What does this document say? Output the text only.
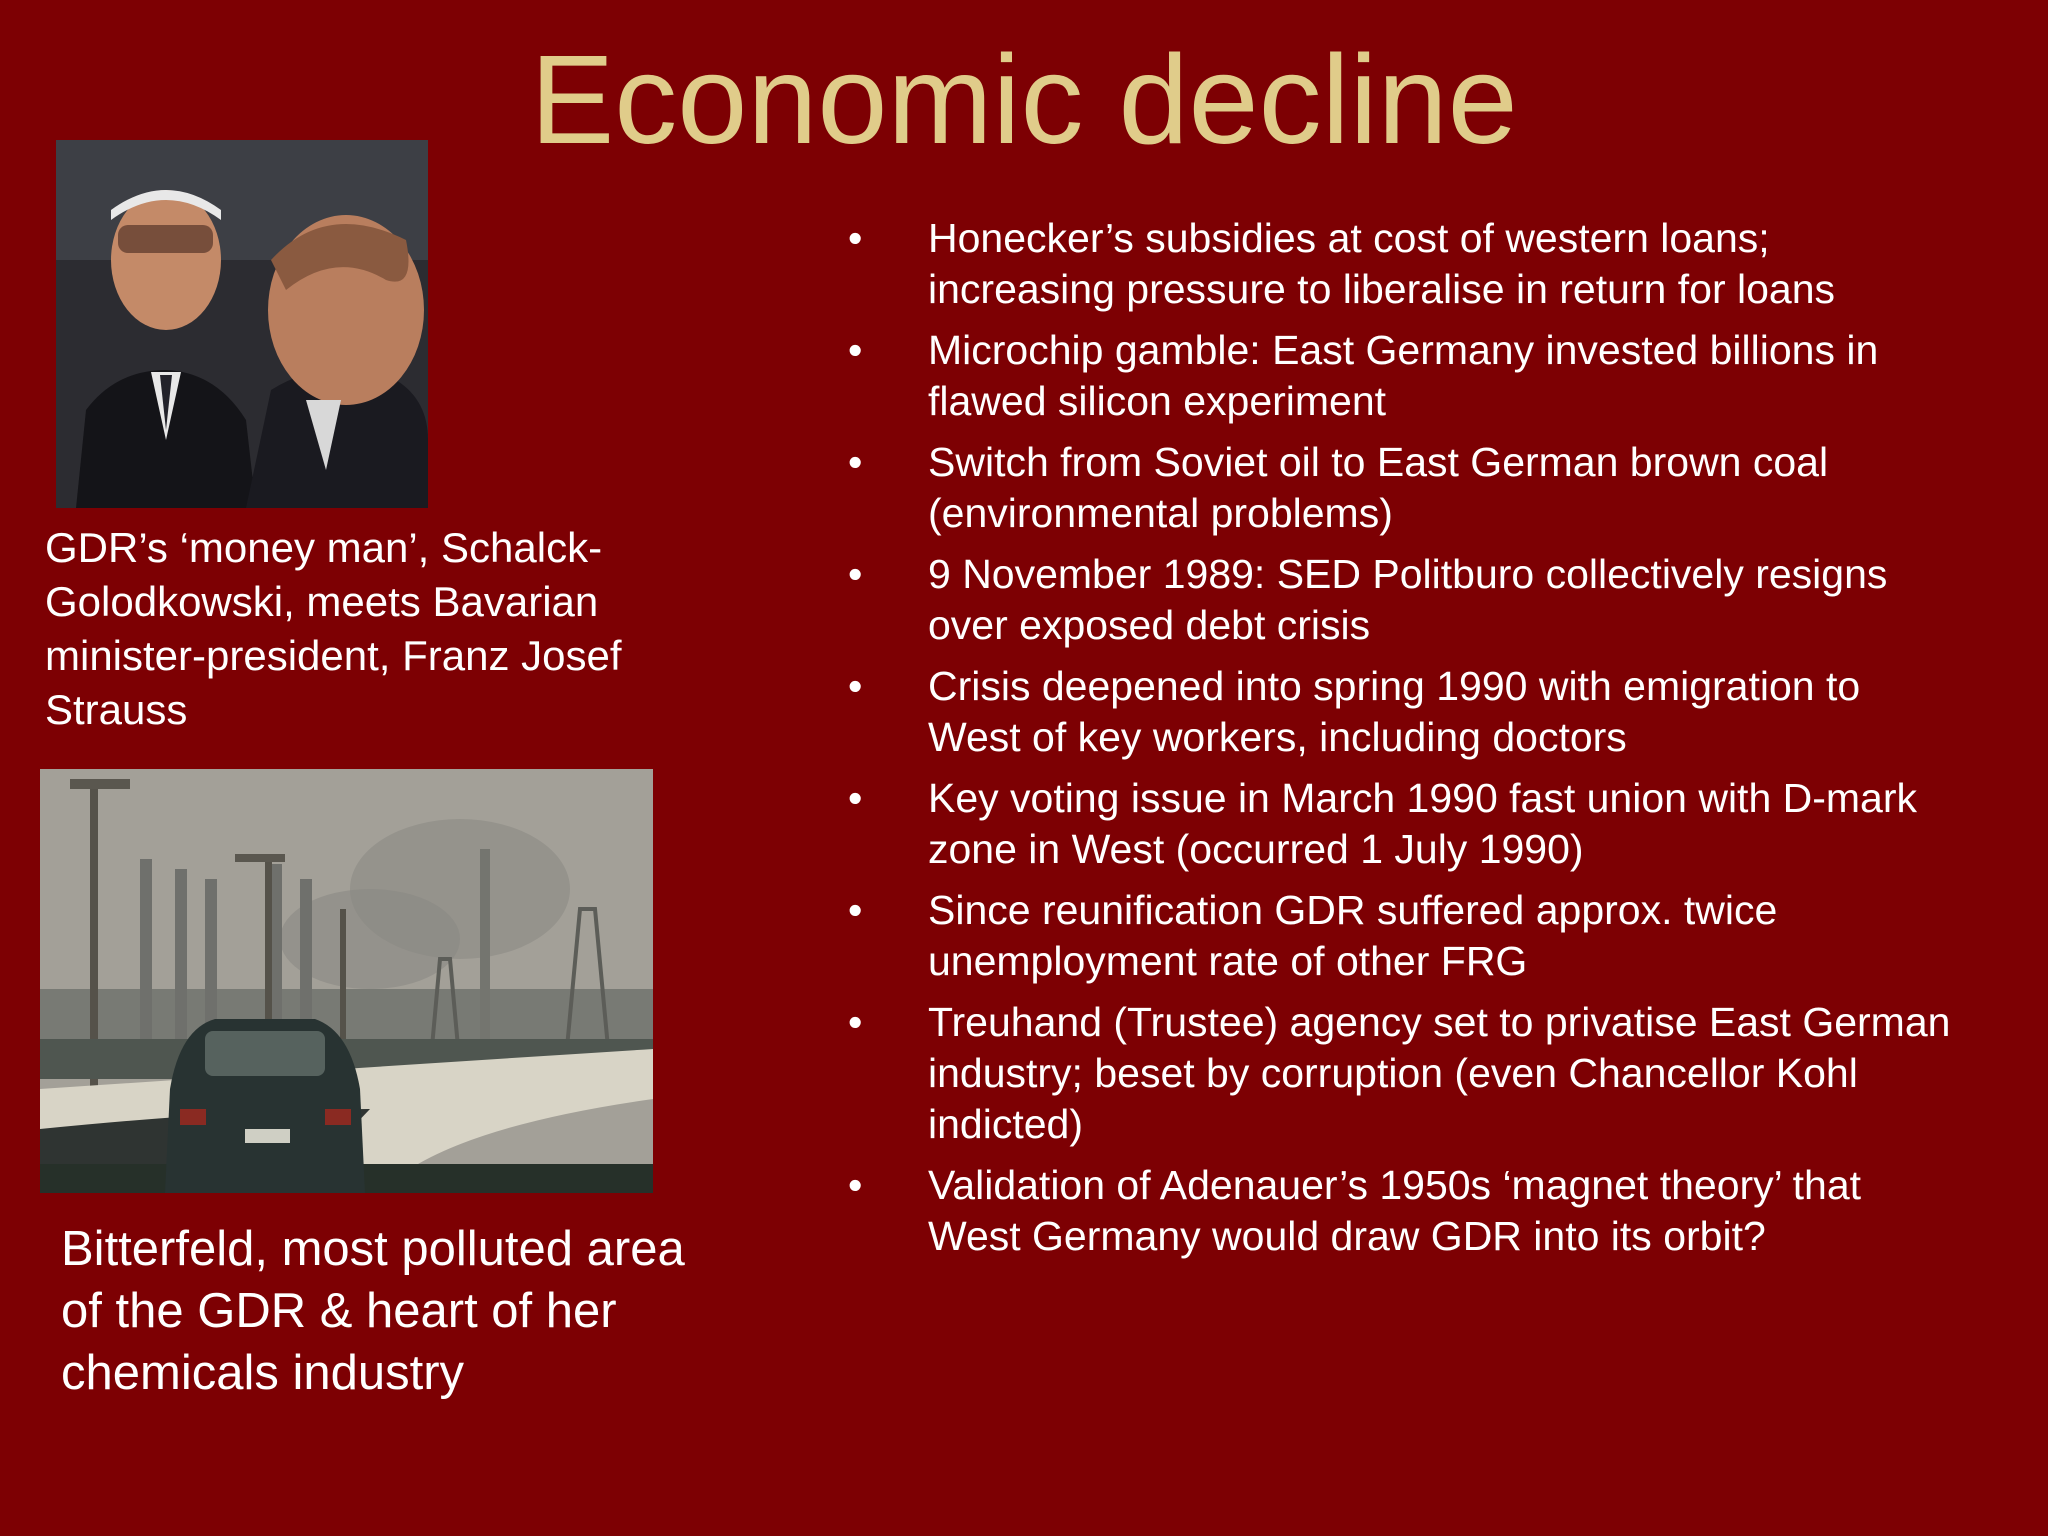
Economic decline

GDR’s ‘money man’, Schalck-Golodkowski, meets Bavarian minister-president, Franz Josef Strauss

Bitterfeld, most polluted area of the GDR & heart of her chemicals industry

• Honecker’s subsidies at cost of western loans; increasing pressure to liberalise in return for loans
• Microchip gamble: East Germany invested billions in flawed silicon experiment
• Switch from Soviet oil to East German brown coal (environmental problems)
• 9 November 1989: SED Politburo collectively resigns over exposed debt crisis
• Crisis deepened into spring 1990 with emigration to West of key workers, including doctors
• Key voting issue in March 1990 fast union with D-mark zone in West (occurred 1 July 1990)
• Since reunification GDR suffered approx. twice unemployment rate of other FRG
• Treuhand (Trustee) agency set to privatise East German industry; beset by corruption (even Chancellor Kohl indicted)
• Validation of Adenauer’s 1950s ‘magnet theory’ that West Germany would draw GDR into its orbit?
